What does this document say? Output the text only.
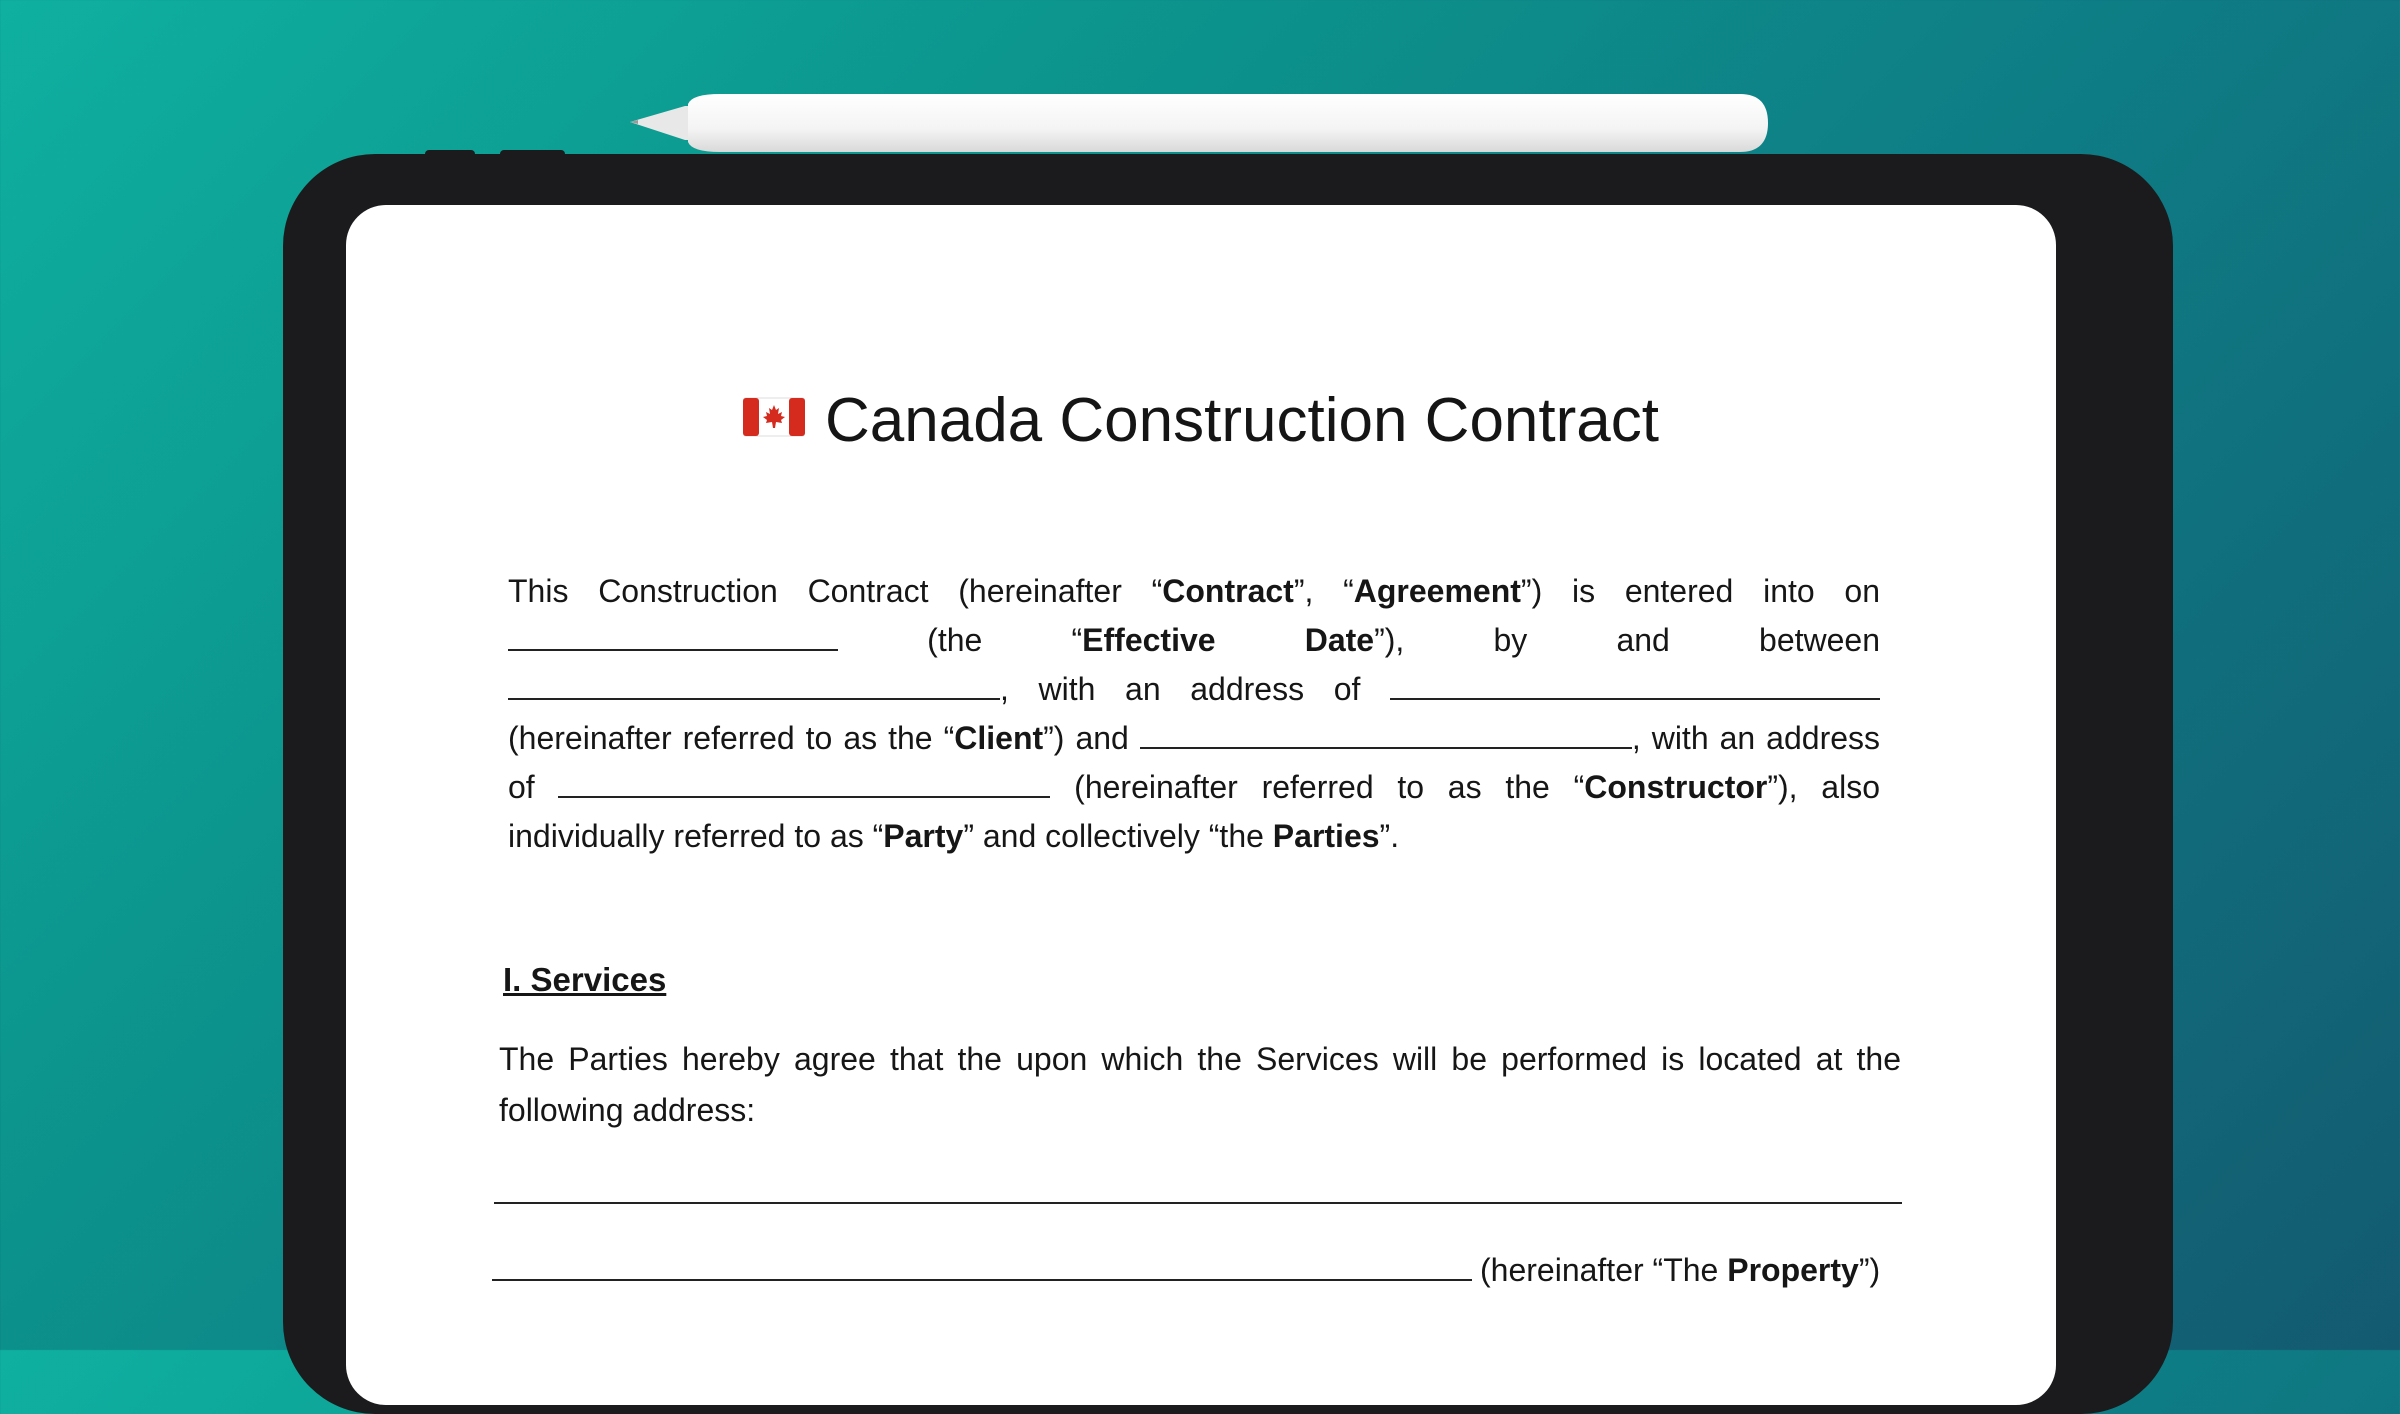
Canada Construction Contract
This Construction Contract (hereinafter “Contract”, “Agreement”) is entered into on  (the “Effective Date”), by and between , with an address of  (hereinafter referred to as the “Client”) and	, with an address of	(hereinafter referred to as the “Constructor”), also individually referred to as “Party” and collectively “the Parties”.
I. Services
The Parties hereby agree that the upon which the Services will be performed is located at the following address:
(hereinafter “The Property”)
